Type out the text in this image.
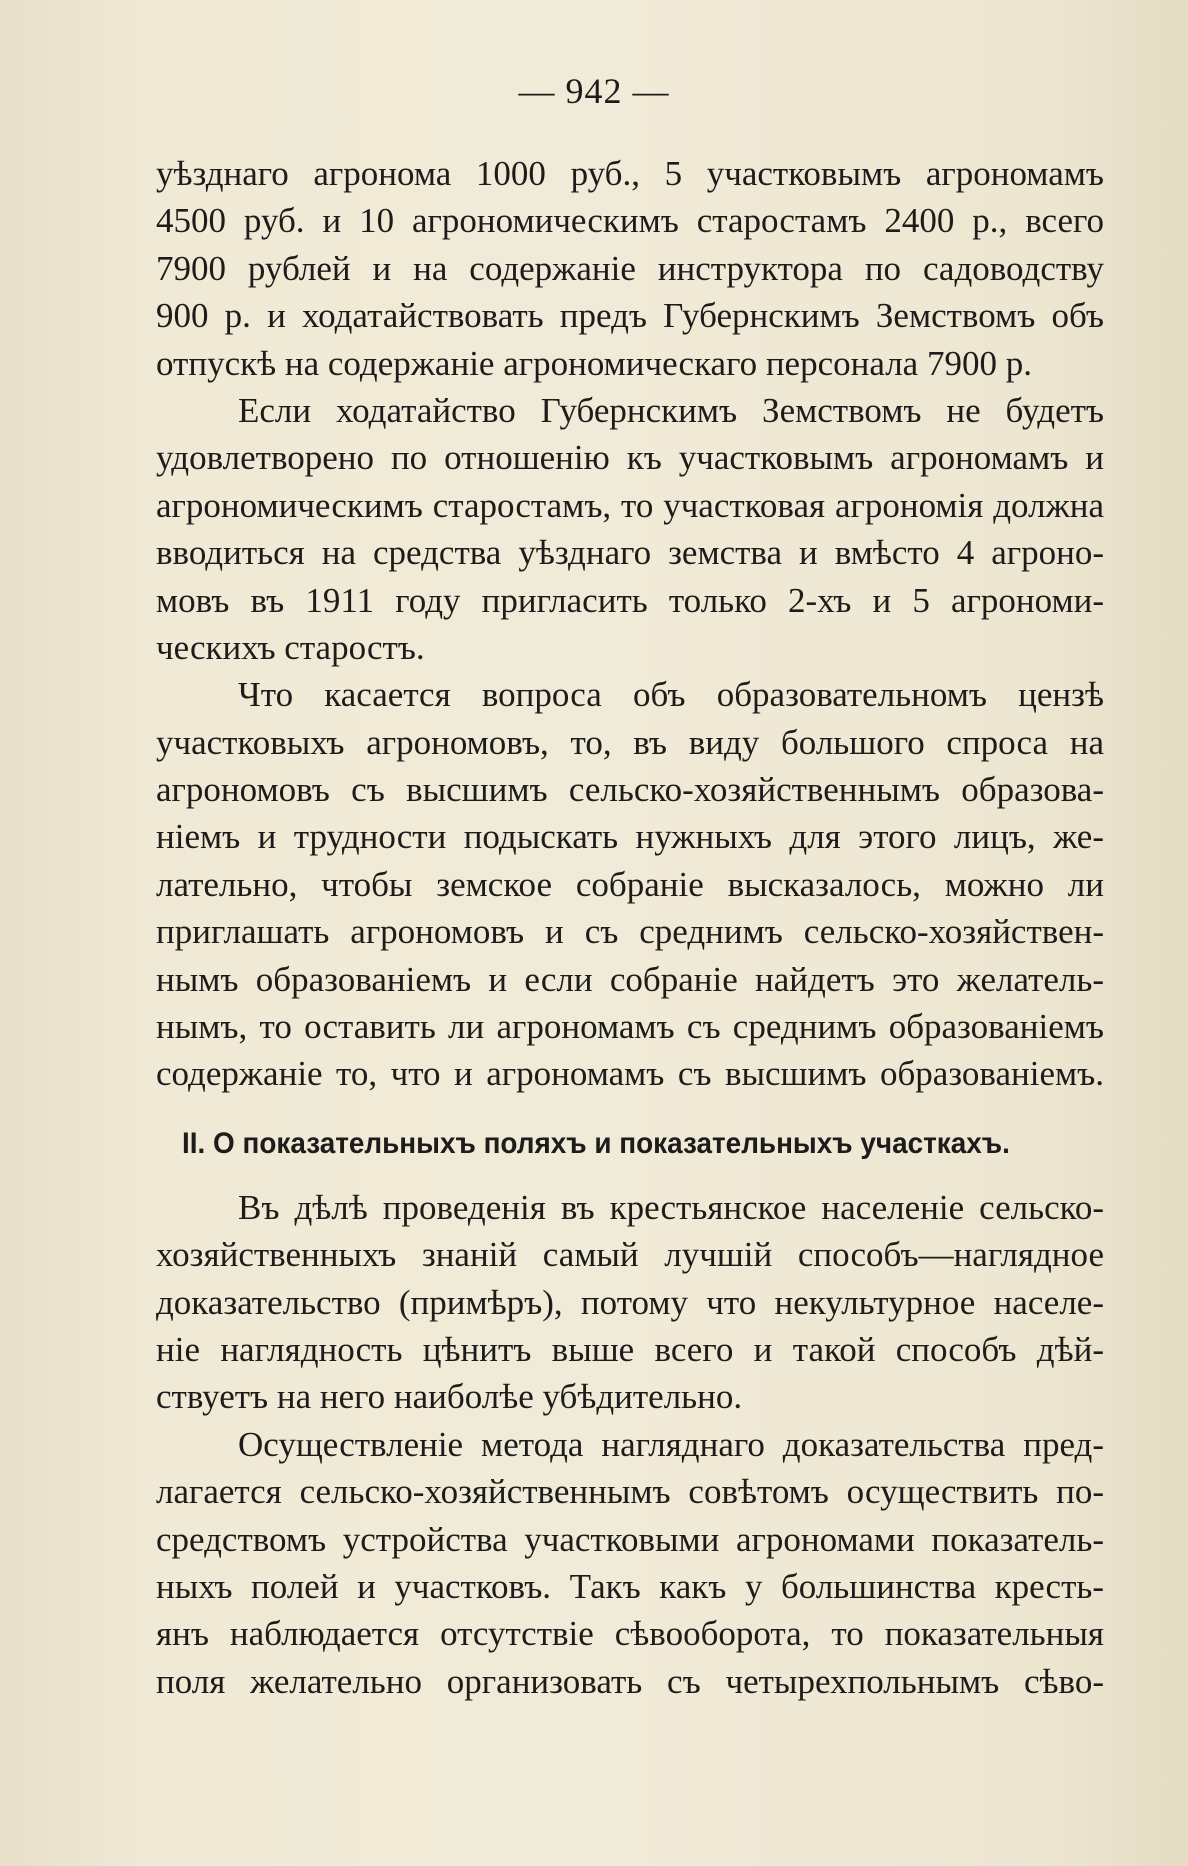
— 942 —
уѣзднаго агронома 1000 руб., 5 участковымъ агрономамъ
4500 руб. и 10 агрономическимъ старостамъ 2400 р., всего
7900 рублей и на содержаніе инструктора по садоводству
900 р. и ходатайствовать предъ Губернскимъ Земствомъ объ
отпускѣ на содержаніе агрономическаго персонала 7900 р.
Если ходатайство Губернскимъ Земствомъ не будетъ
удовлетворено по отношенію къ участковымъ агрономамъ и
агрономическимъ старостамъ, то участковая агрономія должна
вводиться на средства уѣзднаго земства и вмѣсто 4 агроно-
мовъ въ 1911 году пригласить только 2-хъ и 5 агрономи-
ческихъ старостъ.
Что касается вопроса объ образовательномъ цензѣ
участковыхъ агрономовъ, то, въ виду большого спроса на
агрономовъ съ высшимъ сельско-хозяйственнымъ образова-
ніемъ и трудности подыскать нужныхъ для этого лицъ, же-
лательно, чтобы земское собраніе высказалось, можно ли
приглашать агрономовъ и съ среднимъ сельско-хозяйствен-
нымъ образованіемъ и если собраніе найдетъ это желатель-
нымъ, то оставить ли агрономамъ съ среднимъ образованіемъ
содержаніе то, что и агрономамъ съ высшимъ образованіемъ.
II. О показательныхъ поляхъ и показательныхъ участкахъ.
Въ дѣлѣ проведенія въ крестьянское населеніе сельско-
хозяйственныхъ знаній самый лучшій способъ—наглядное
доказательство (примѣръ), потому что некультурное населе-
ніе наглядность цѣнитъ выше всего и такой способъ дѣй-
ствуетъ на него наиболѣе убѣдительно.
Осуществленіе метода нагляднаго доказательства пред-
лагается сельско-хозяйственнымъ совѣтомъ осуществить по-
средствомъ устройства участковыми агрономами показатель-
ныхъ полей и участковъ. Такъ какъ у большинства кресть-
янъ наблюдается отсутствіе сѣвооборота, то показательныя
поля желательно организовать съ четырехпольнымъ сѣво-
